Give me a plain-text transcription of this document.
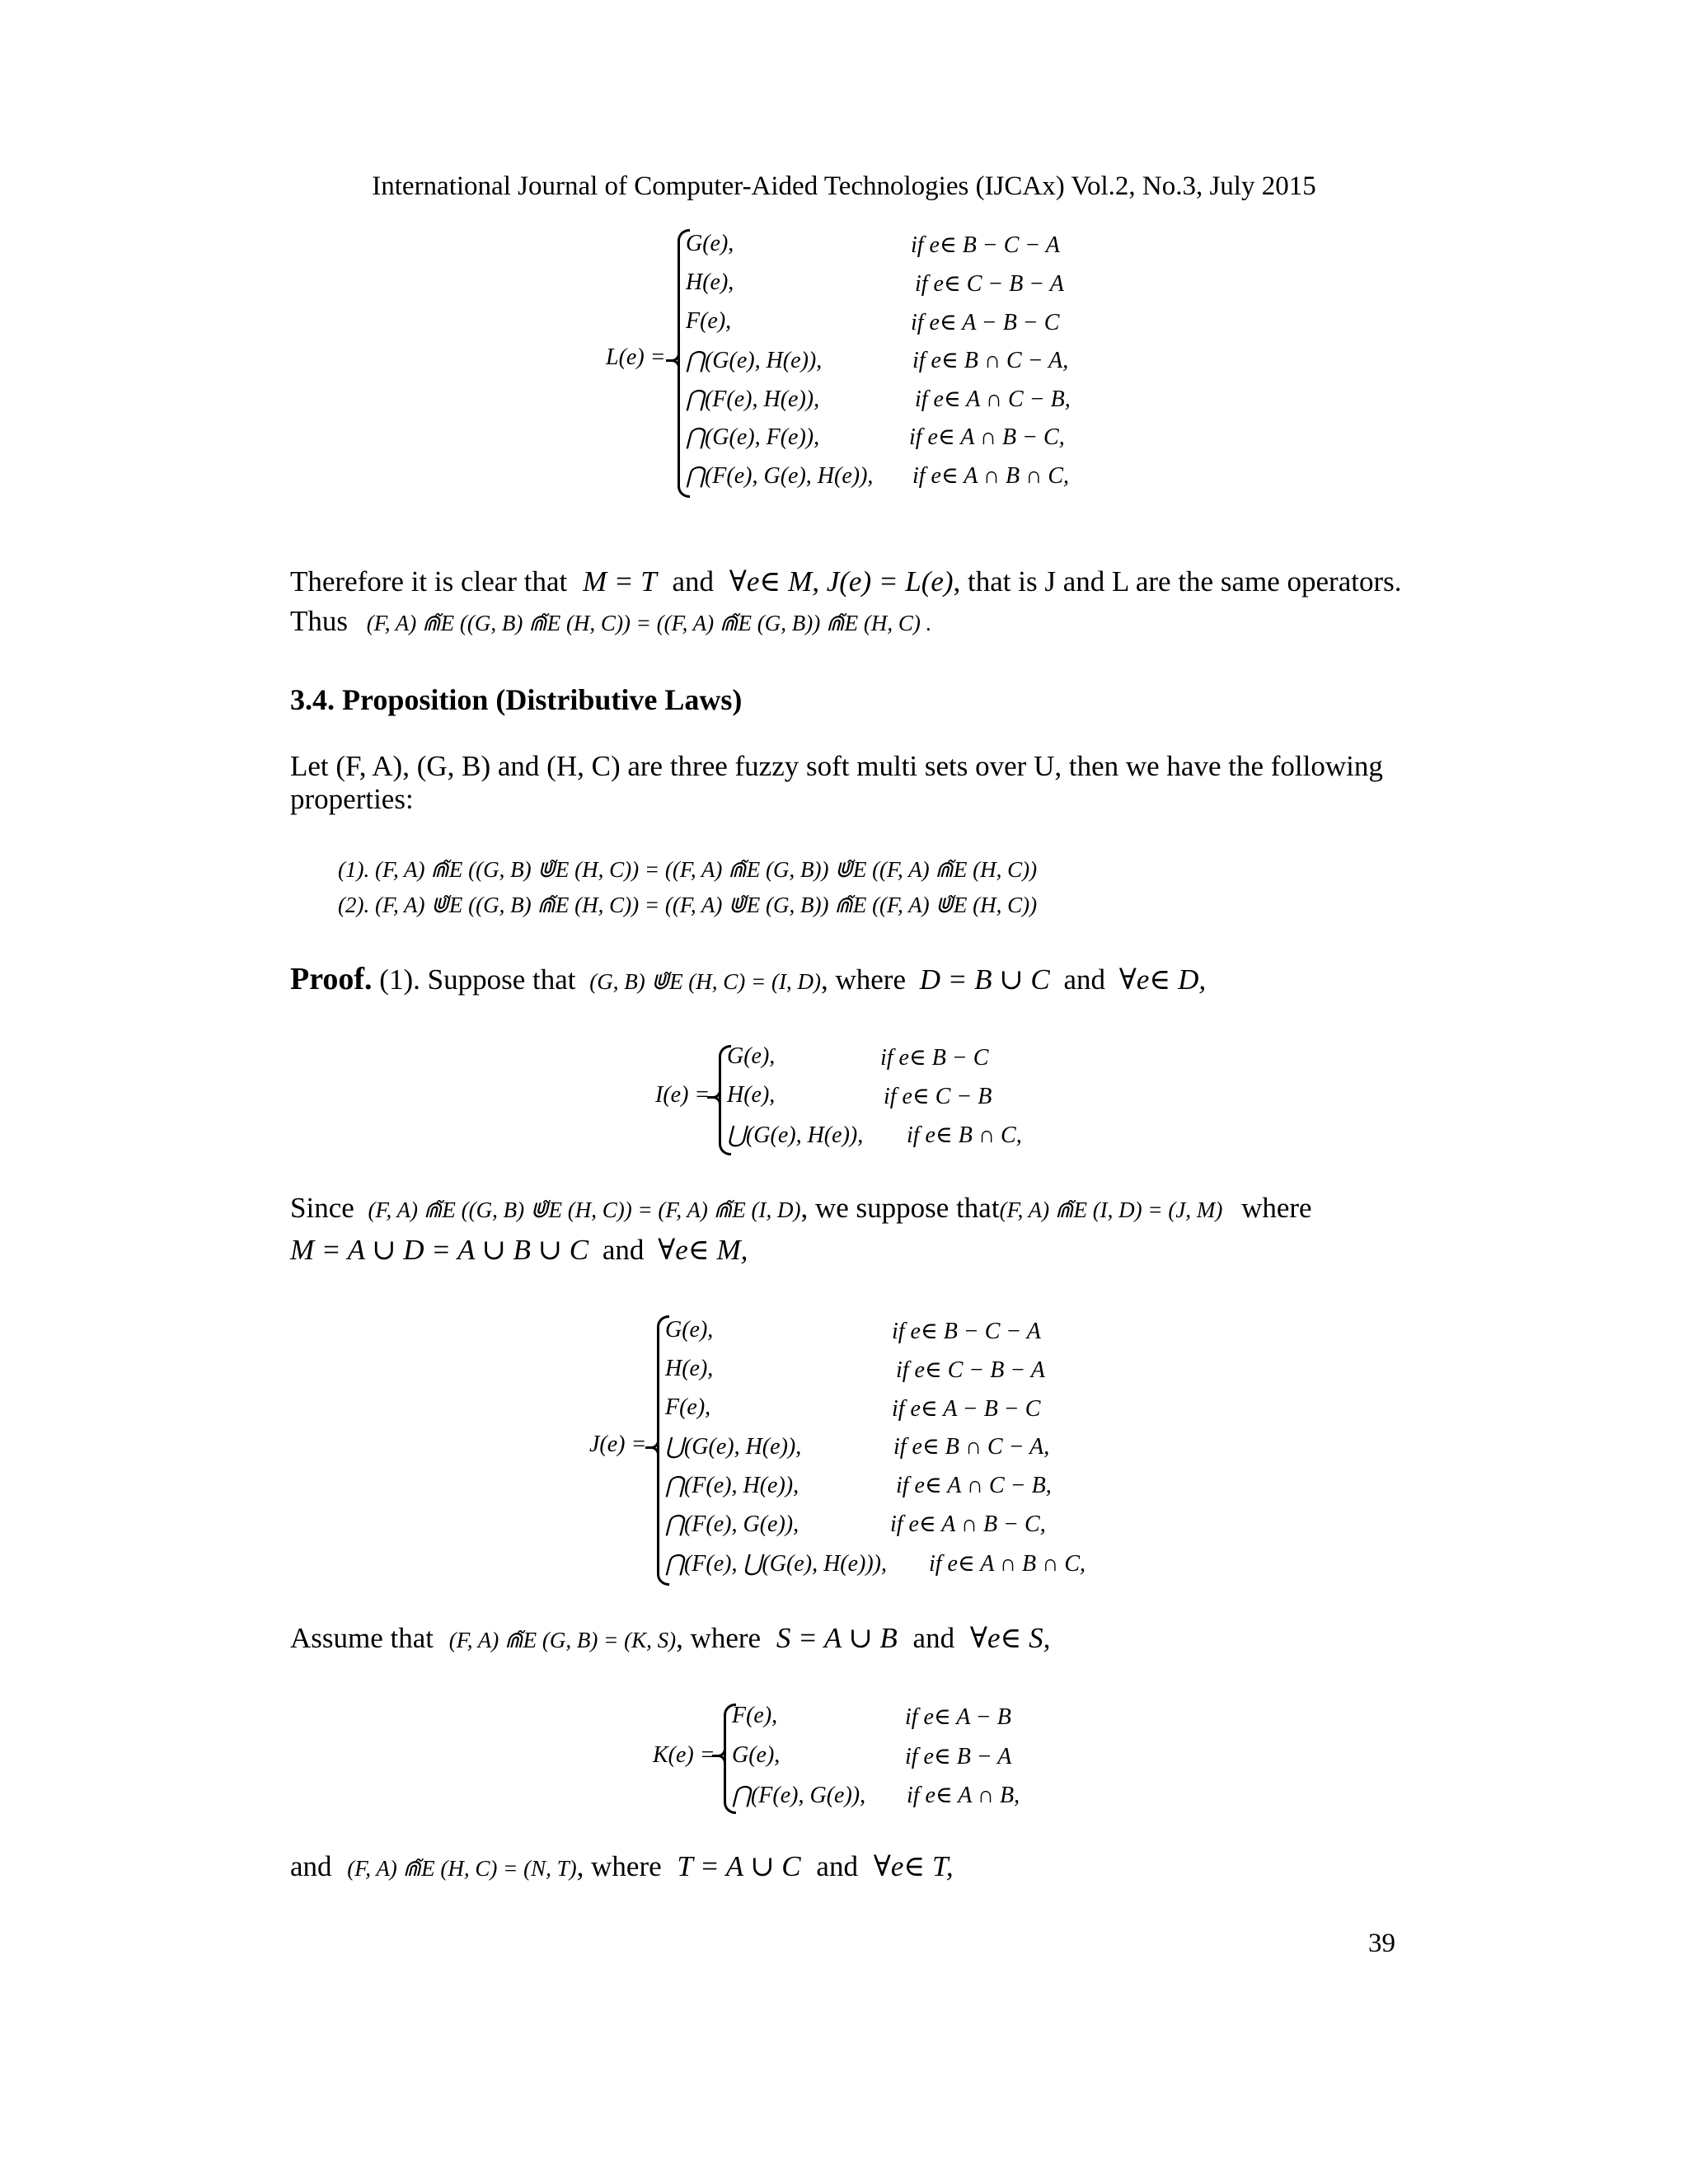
International Journal of Computer-Aided Technologies (IJCAx) Vol.2, No.3, July 2015
L(e) =
G(e),	if e∈ B − C − A
H(e),	if e∈ C − B − A
F(e),	if e∈ A − B − C
⋂(G(e), H(e)),	if e∈ B ∩ C − A,
⋂(F(e), H(e)),	if e∈ A ∩ C − B,
⋂(G(e), F(e)),	if e∈ A ∩ B − C,
⋂(F(e), G(e), H(e)), if e∈ A ∩ B ∩ C,
Therefore it is clear that M = T and ∀e∈ M, J(e) = L(e), that is J and L are the same operators.
Thus (F, A) ⋒̃E ((G, B) ⋒̃E (H, C)) = ((F, A) ⋒̃E (G, B)) ⋒̃E (H, C) .
3.4. Proposition (Distributive Laws)
Let (F, A), (G, B) and (H, C) are three fuzzy soft multi sets over U, then we have the following
properties:
(1). (F, A) ⋒̃E ((G, B) ⋓̃E (H, C)) = ((F, A) ⋒̃E (G, B)) ⋓̃E ((F, A) ⋒̃E (H, C))
(2). (F, A) ⋓̃E ((G, B) ⋒̃E (H, C)) = ((F, A) ⋓̃E (G, B)) ⋒̃E ((F, A) ⋓̃E (H, C))
Proof. (1). Suppose that (G, B) ⋓̃E (H, C) = (I, D), where D = B ∪ C and ∀e∈ D,
I(e) =
G(e),	if e∈ B − C
H(e),	if e∈ C − B
⋃(G(e), H(e)), if e∈ B ∩ C,
Since (F, A) ⋒̃E ((G, B) ⋓̃E (H, C)) = (F, A) ⋒̃E (I, D), we suppose that(F, A) ⋒̃E (I, D) = (J, M) where
M = A ∪ D = A ∪ B ∪ C and ∀e∈ M,
J(e) =
G(e),	if e∈ B − C − A
H(e),	if e∈ C − B − A
F(e),	if e∈ A − B − C
⋃(G(e), H(e)),	if e∈ B ∩ C − A,
⋂(F(e), H(e)),	if e∈ A ∩ C − B,
⋂(F(e), G(e)),	if e∈ A ∩ B − C,
⋂(F(e), ⋃(G(e), H(e))), if e∈ A ∩ B ∩ C,
Assume that (F, A) ⋒̃E (G, B) = (K, S), where S = A ∪ B and ∀e∈ S,
K(e) =
F(e),	if e∈ A − B
G(e),	if e∈ B − A
⋂(F(e), G(e)), if e∈ A ∩ B,
and (F, A) ⋒̃E (H, C) = (N, T), where T = A ∪ C and ∀e∈ T,
39
